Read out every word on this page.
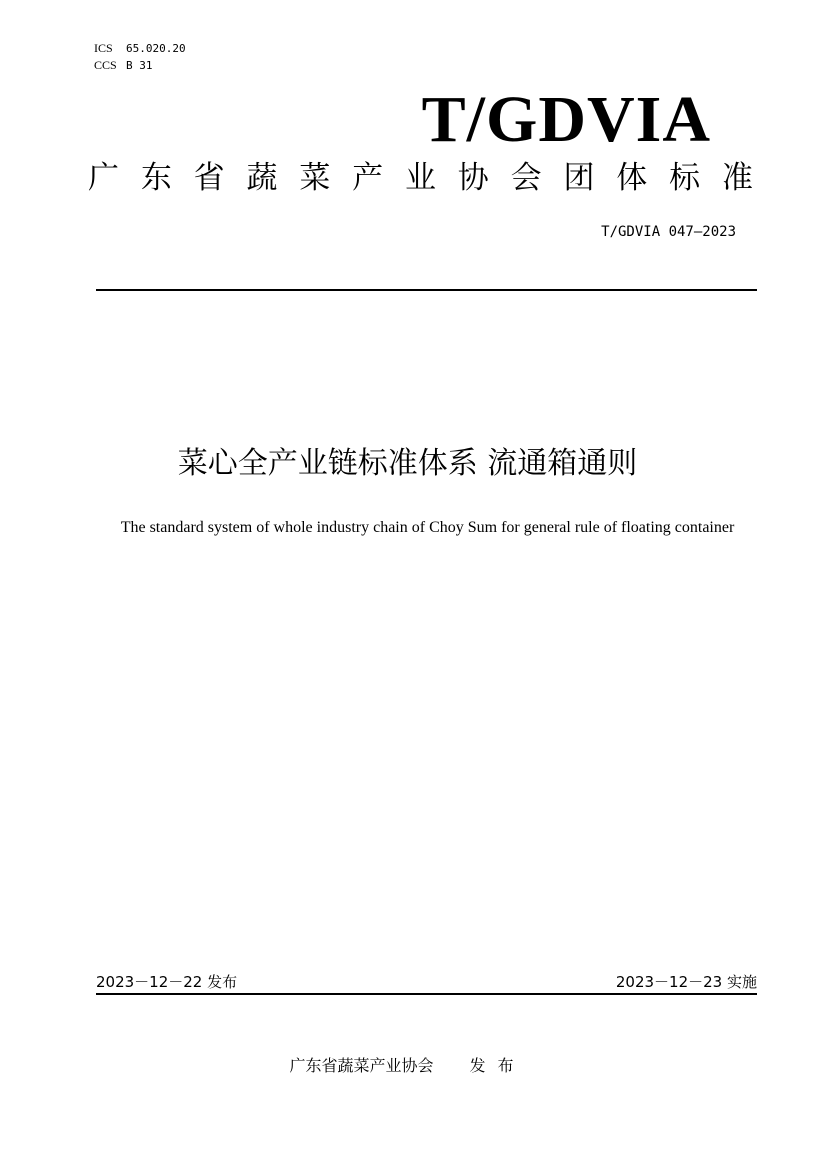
ICS 65.020.20
CCS B 31
T/GDVIA
广 东 省 蔬 菜 产 业 协 会 团 体 标 准
T/GDVIA 047—2023
菜心全产业链标准体系 流通箱通则
The standard system of whole industry chain of Choy Sum for general rule of floating container
2023－12－22 发布	2023－12－23 实施
广东省蔬菜产业协会 发布
